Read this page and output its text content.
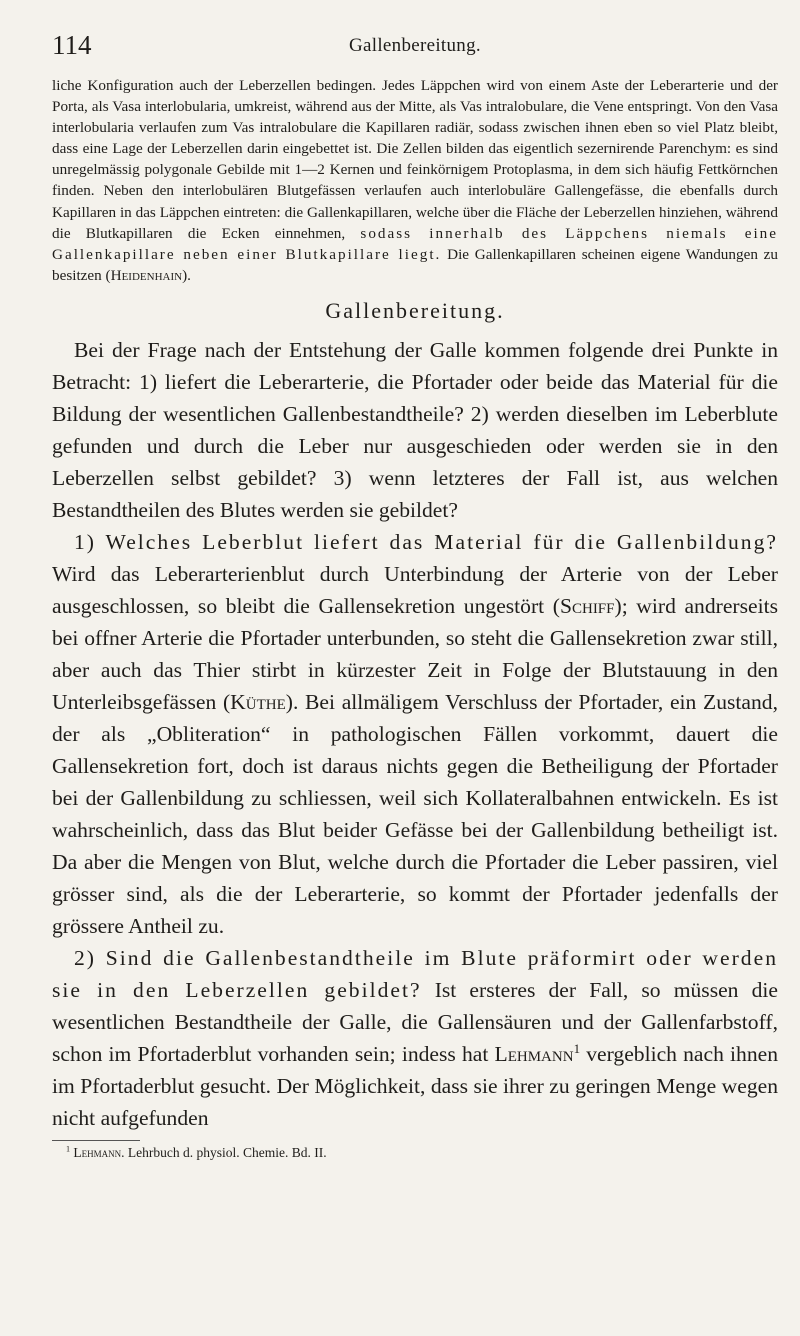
114	Gallenbereitung.

liche Konfiguration auch der Leberzellen bedingen. Jedes Läppchen wird von einem Aste der Leberarterie und der Porta, als Vasa interlobularia, umkreist, während aus der Mitte, als Vas intralobulare, die Vene entspringt. Von den Vasa interlobularia verlaufen zum Vas intralobulare die Kapillaren radiär, sodass zwischen ihnen eben so viel Platz bleibt, dass eine Lage der Leberzellen darin eingebettet ist. Die Zellen bilden das eigentlich sezernirende Parenchym: es sind unregelmässig polygonale Gebilde mit 1—2 Kernen und feinkörnigem Protoplasma, in dem sich häufig Fettkörnchen finden. Neben den interlobulären Blutgefässen verlaufen auch interlobuläre Gallengefässe, die ebenfalls durch Kapillaren in das Läppchen eintreten: die Gallenkapillaren, welche über die Fläche der Leberzellen hinziehen, während die Blutkapillaren die Ecken einnehmen, sodass innerhalb des Läppchens niemals eine Gallenkapillare neben einer Blutkapillare liegt. Die Gallenkapillaren scheinen eigene Wandungen zu besitzen (Heidenhain).

Gallenbereitung.

Bei der Frage nach der Entstehung der Galle kommen folgende drei Punkte in Betracht: 1) liefert die Leberarterie, die Pfortader oder beide das Material für die Bildung der wesentlichen Gallenbestandtheile? 2) werden dieselben im Leberblute gefunden und durch die Leber nur ausgeschieden oder werden sie in den Leberzellen selbst gebildet? 3) wenn letzteres der Fall ist, aus welchen Bestandtheilen des Blutes werden sie gebildet?

1) Welches Leberblut liefert das Material für die Gallenbildung? Wird das Leberarterienblut durch Unterbindung der Arterie von der Leber ausgeschlossen, so bleibt die Gallensekretion ungestört (Schiff); wird andrerseits bei offner Arterie die Pfortader unterbunden, so steht die Gallensekretion zwar still, aber auch das Thier stirbt in kürzester Zeit in Folge der Blutstauung in den Unterleibsgefässen (Küthe). Bei allmäligem Verschluss der Pfortader, ein Zustand, der als „Obliteration“ in pathologischen Fällen vorkommt, dauert die Gallensekretion fort, doch ist daraus nichts gegen die Betheiligung der Pfortader bei der Gallenbildung zu schliessen, weil sich Kollateralbahnen entwickeln. Es ist wahrscheinlich, dass das Blut beider Gefässe bei der Gallenbildung betheiligt ist. Da aber die Mengen von Blut, welche durch die Pfortader die Leber passiren, viel grösser sind, als die der Leberarterie, so kommt der Pfortader jedenfalls der grössere Antheil zu.

2) Sind die Gallenbestandtheile im Blute präformirt oder werden sie in den Leberzellen gebildet? Ist ersteres der Fall, so müssen die wesentlichen Bestandtheile der Galle, die Gallensäuren und der Gallenfarbstoff, schon im Pfortaderblut vorhanden sein; indess hat Lehmann$^1$ vergeblich nach ihnen im Pfortaderblut gesucht. Der Möglichkeit, dass sie ihrer zu geringen Menge wegen nicht aufgefunden

$^1$ Lehmann. Lehrbuch d. physiol. Chemie. Bd. II.
